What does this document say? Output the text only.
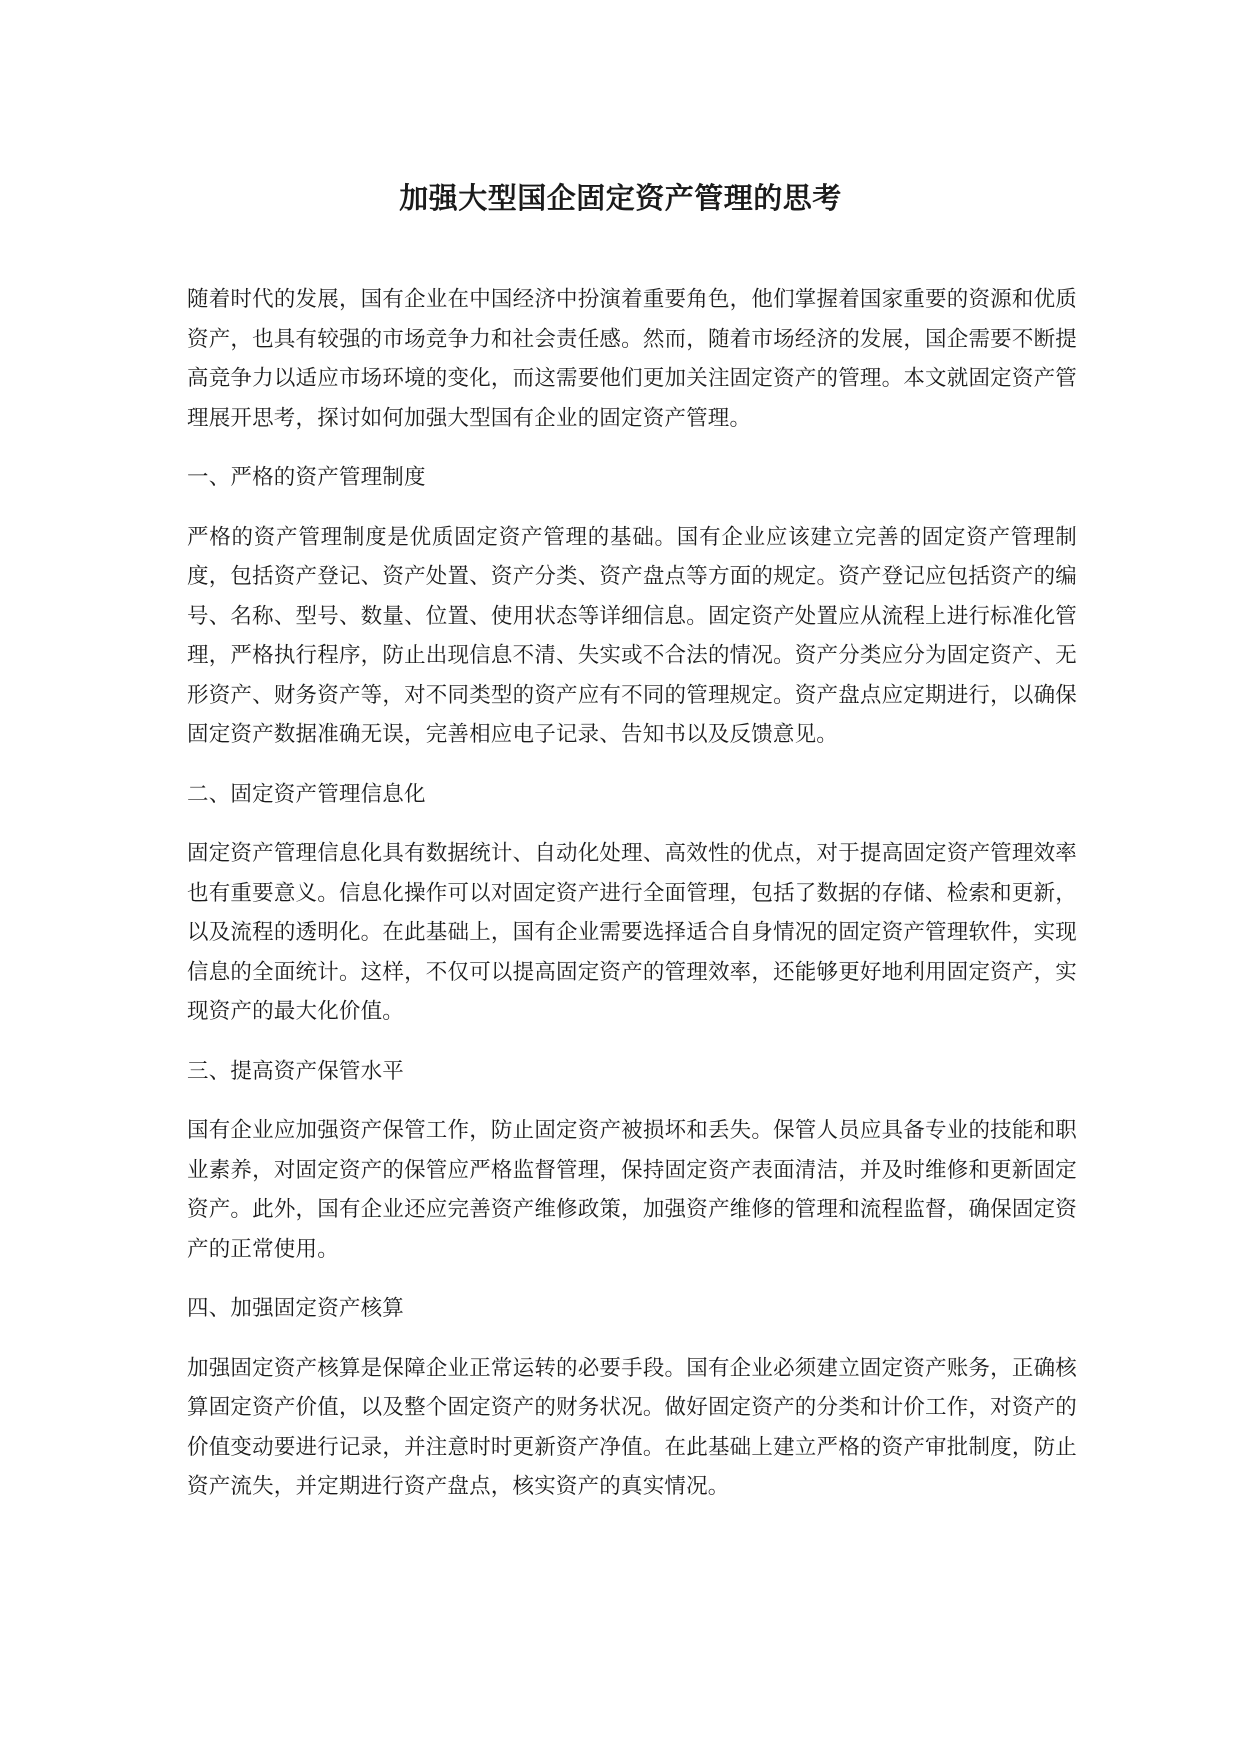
加强大型国企固定资产管理的思考

随着时代的发展，国有企业在中国经济中扮演着重要角色，他们掌握着国家重要的资源和优质资产，也具有较强的市场竞争力和社会责任感。然而，随着市场经济的发展，国企需要不断提高竞争力以适应市场环境的变化，而这需要他们更加关注固定资产的管理。本文就固定资产管理展开思考，探讨如何加强大型国有企业的固定资产管理。

一、严格的资产管理制度

严格的资产管理制度是优质固定资产管理的基础。国有企业应该建立完善的固定资产管理制度，包括资产登记、资产处置、资产分类、资产盘点等方面的规定。资产登记应包括资产的编号、名称、型号、数量、位置、使用状态等详细信息。固定资产处置应从流程上进行标准化管理，严格执行程序，防止出现信息不清、失实或不合法的情况。资产分类应分为固定资产、无形资产、财务资产等，对不同类型的资产应有不同的管理规定。资产盘点应定期进行，以确保固定资产数据准确无误，完善相应电子记录、告知书以及反馈意见。

二、固定资产管理信息化

固定资产管理信息化具有数据统计、自动化处理、高效性的优点，对于提高固定资产管理效率也有重要意义。信息化操作可以对固定资产进行全面管理，包括了数据的存储、检索和更新，以及流程的透明化。在此基础上，国有企业需要选择适合自身情况的固定资产管理软件，实现信息的全面统计。这样，不仅可以提高固定资产的管理效率，还能够更好地利用固定资产，实现资产的最大化价值。

三、提高资产保管水平

国有企业应加强资产保管工作，防止固定资产被损坏和丢失。保管人员应具备专业的技能和职业素养，对固定资产的保管应严格监督管理，保持固定资产表面清洁，并及时维修和更新固定资产。此外，国有企业还应完善资产维修政策，加强资产维修的管理和流程监督，确保固定资产的正常使用。

四、加强固定资产核算

加强固定资产核算是保障企业正常运转的必要手段。国有企业必须建立固定资产账务，正确核算固定资产价值，以及整个固定资产的财务状况。做好固定资产的分类和计价工作，对资产的价值变动要进行记录，并注意时时更新资产净值。在此基础上建立严格的资产审批制度，防止资产流失，并定期进行资产盘点，核实资产的真实情况。
